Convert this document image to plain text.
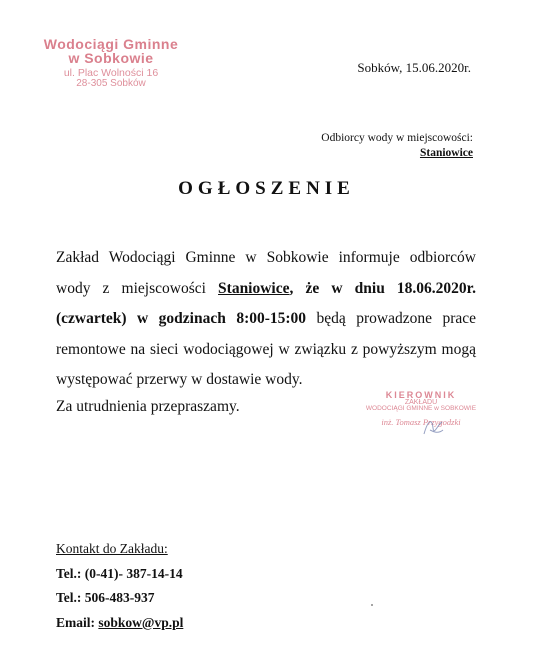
Wodociągi Gminne
w Sobkowie
ul. Plac Wolności 16
28-305 Sobków
Sobków, 15.06.2020r.
Odbiorcy wody w miejscowości:
Staniowice
OGŁOSZENIE
Zakład Wodociągi Gminne w Sobkowie informuje odbiorców wody z miejscowości Staniowice, że w dniu 18.06.2020r. (czwartek) w godzinach 8:00-15:00 będą prowadzone prace remontowe na sieci wodociągowej w związku z powyższym mogą występować przerwy w dostawie wody.
Za utrudnienia przepraszamy.
KIEROWNIK
ZAKŁADU
WODOCIĄGI GMINNE w SOBKOWIE
inż. Tomasz Przygodzki
Kontakt do Zakładu:
Tel.: (0-41)- 387-14-14
Tel.: 506-483-937
Email: sobkow@vp.pl
